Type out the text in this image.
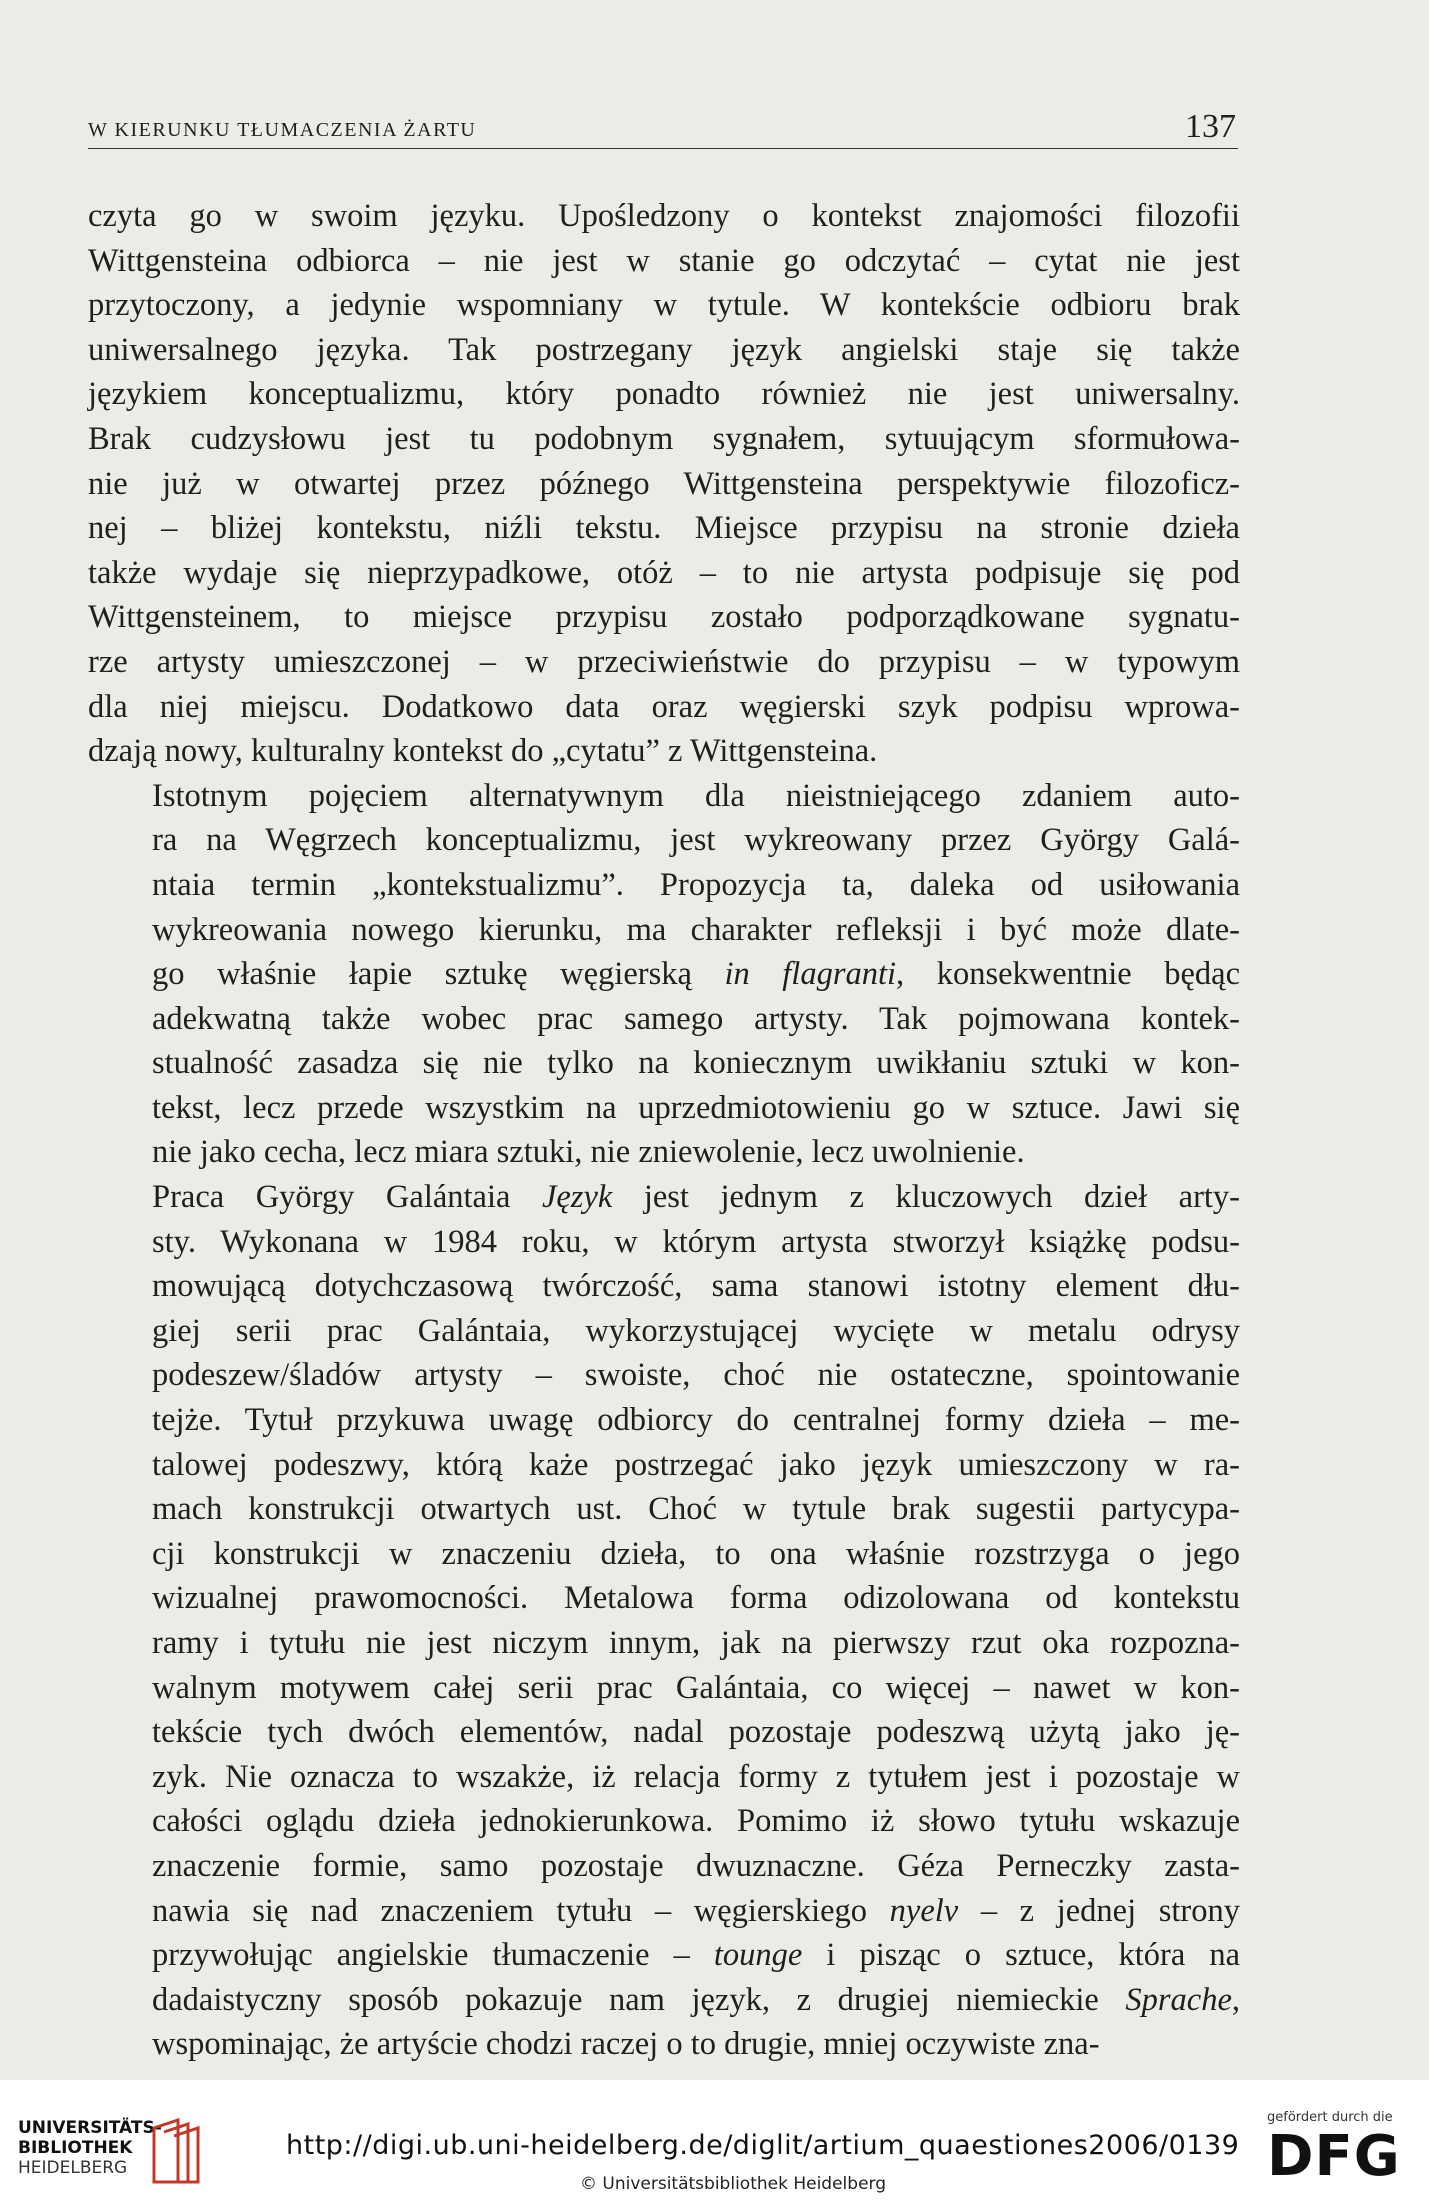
W KIERUNKU TŁUMACZENIA ŻARTU	137

czyta go w swoim języku. Upośledzony o kontekst znajomości filozofii
Wittgensteina odbiorca – nie jest w stanie go odczytać – cytat nie jest
przytoczony, a jedynie wspomniany w tytule. W kontekście odbioru brak
uniwersalnego języka. Tak postrzegany język angielski staje się także
językiem konceptualizmu, który ponadto również nie jest uniwersalny.
Brak cudzysłowu jest tu podobnym sygnałem, sytuującym sformułowa-
nie już w otwartej przez późnego Wittgensteina perspektywie filozoficz-
nej – bliżej kontekstu, niźli tekstu. Miejsce przypisu na stronie dzieła
także wydaje się nieprzypadkowe, otóż – to nie artysta podpisuje się pod
Wittgensteinem, to miejsce przypisu zostało podporządkowane sygnatu-
rze artysty umieszczonej – w przeciwieństwie do przypisu – w typowym
dla niej miejscu. Dodatkowo data oraz węgierski szyk podpisu wprowa-
dzają nowy, kulturalny kontekst do „cytatu” z Wittgensteina.

Istotnym pojęciem alternatywnym dla nieistniejącego zdaniem auto-
ra na Węgrzech konceptualizmu, jest wykreowany przez György Galá-
ntaia termin „kontekstualizmu”. Propozycja ta, daleka od usiłowania
wykreowania nowego kierunku, ma charakter refleksji i być może dlate-
go właśnie łapie sztukę węgierską in flagranti, konsekwentnie będąc
adekwatną także wobec prac samego artysty. Tak pojmowana kontek-
stualność zasadza się nie tylko na koniecznym uwikłaniu sztuki w kon-
tekst, lecz przede wszystkim na uprzedmiotowieniu go w sztuce. Jawi się
nie jako cecha, lecz miara sztuki, nie zniewolenie, lecz uwolnienie.

Praca György Galántaia Język jest jednym z kluczowych dzieł arty-
sty. Wykonana w 1984 roku, w którym artysta stworzył książkę podsu-
mowującą dotychczasową twórczość, sama stanowi istotny element dłu-
giej serii prac Galántaia, wykorzystującej wycięte w metalu odrysy
podeszew/śladów artysty – swoiste, choć nie ostateczne, spointowanie
tejże. Tytuł przykuwa uwagę odbiorcy do centralnej formy dzieła – me-
talowej podeszwy, którą każe postrzegać jako język umieszczony w ra-
mach konstrukcji otwartych ust. Choć w tytule brak sugestii partycypa-
cji konstrukcji w znaczeniu dzieła, to ona właśnie rozstrzyga o jego
wizualnej prawomocności. Metalowa forma odizolowana od kontekstu
ramy i tytułu nie jest niczym innym, jak na pierwszy rzut oka rozpozna-
walnym motywem całej serii prac Galántaia, co więcej – nawet w kon-
tekście tych dwóch elementów, nadal pozostaje podeszwą użytą jako ję-
zyk. Nie oznacza to wszakże, iż relacja formy z tytułem jest i pozostaje w
całości oglądu dzieła jednokierunkowa. Pomimo iż słowo tytułu wskazuje
znaczenie formie, samo pozostaje dwuznaczne. Géza Perneczky zasta-
nawia się nad znaczeniem tytułu – węgierskiego nyelv – z jednej strony
przywołując angielskie tłumaczenie – tounge i pisząc o sztuce, która na
dadaistyczny sposób pokazuje nam język, z drugiej niemieckie Sprache,
wspominając, że artyście chodzi raczej o to drugie, mniej oczywiste zna-

UNIVERSITÄTS-
BIBLIOTHEK
HEIDELBERG
http://digi.ub.uni-heidelberg.de/diglit/artium_quaestiones2006/0139
© Universitätsbibliothek Heidelberg
gefördert durch die
DFG
